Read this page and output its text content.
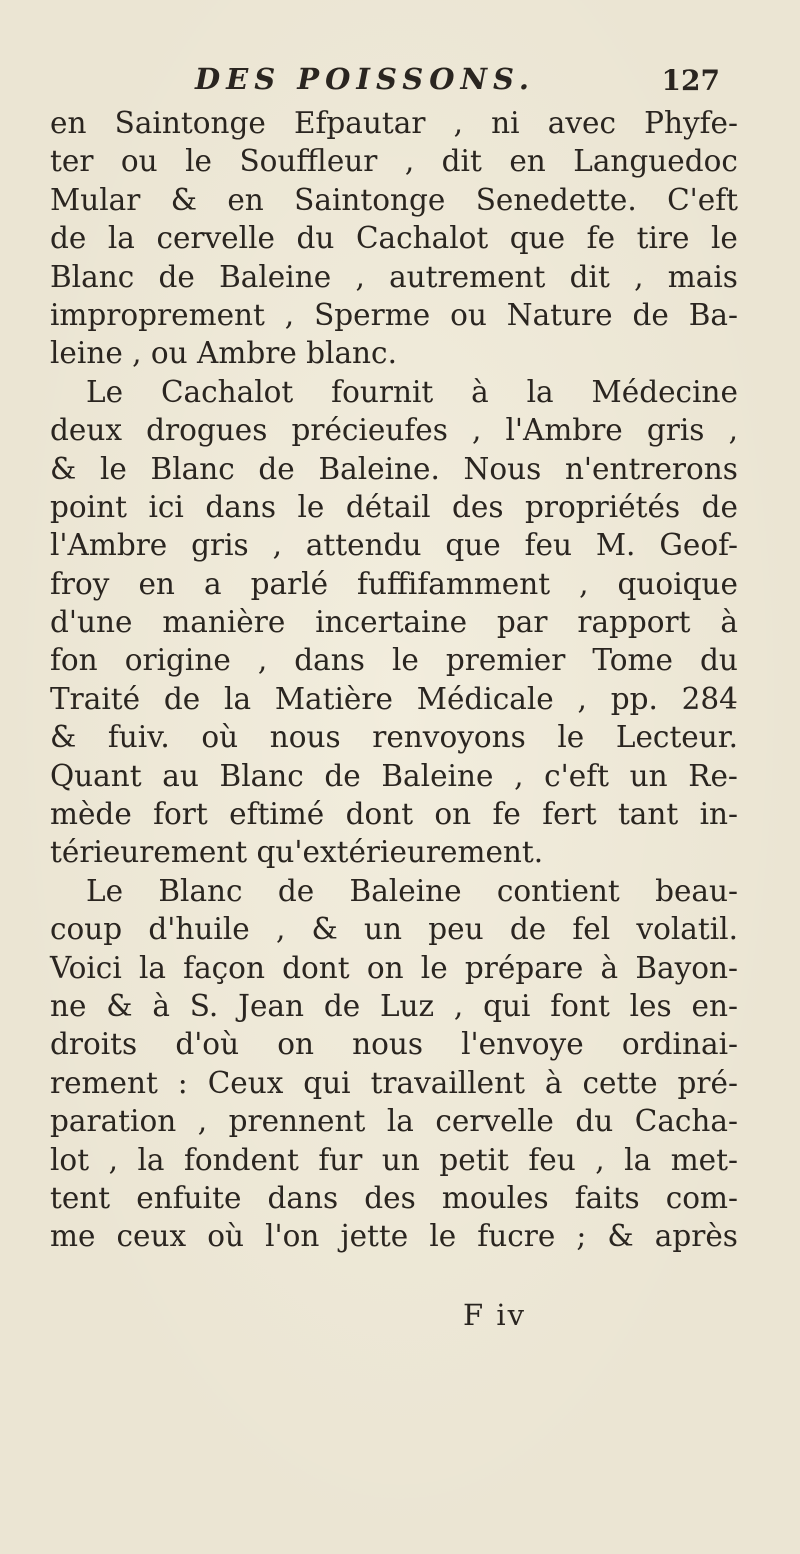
DES POISSONS.	127
en Saintonge Efpautar , ni avec Phyfe-
ter ou le Souffleur , dit en Languedoc
Mular & en Saintonge Senedette. C'eft
de la cervelle du Cachalot que fe tire le
Blanc de Baleine , autrement dit , mais
improprement , Sperme ou Nature de Ba-
leine , ou Ambre blanc.
Le Cachalot fournit à la Médecine
deux drogues précieufes , l'Ambre gris ,
& le Blanc de Baleine. Nous n'entrerons
point ici dans le détail des propriétés de
l'Ambre gris , attendu que feu M. Geof-
froy en a parlé fuffifamment , quoique
d'une manière incertaine par rapport à
fon origine , dans le premier Tome du
Traité de la Matière Médicale , pp. 284
& fuiv. où nous renvoyons le Lecteur.
Quant au Blanc de Baleine , c'eft un Re-
mède fort eftimé dont on fe fert tant in-
térieurement qu'extérieurement.
Le Blanc de Baleine contient beau-
coup d'huile , & un peu de fel volatil.
Voici la façon dont on le prépare à Bayon-
ne & à S. Jean de Luz , qui font les en-
droits d'où on nous l'envoye ordinai-
rement : Ceux qui travaillent à cette pré-
paration , prennent la cervelle du Cacha-
lot , la fondent fur un petit feu , la met-
tent enfuite dans des moules faits com-
me ceux où l'on jette le fucre ; & après
F iv
